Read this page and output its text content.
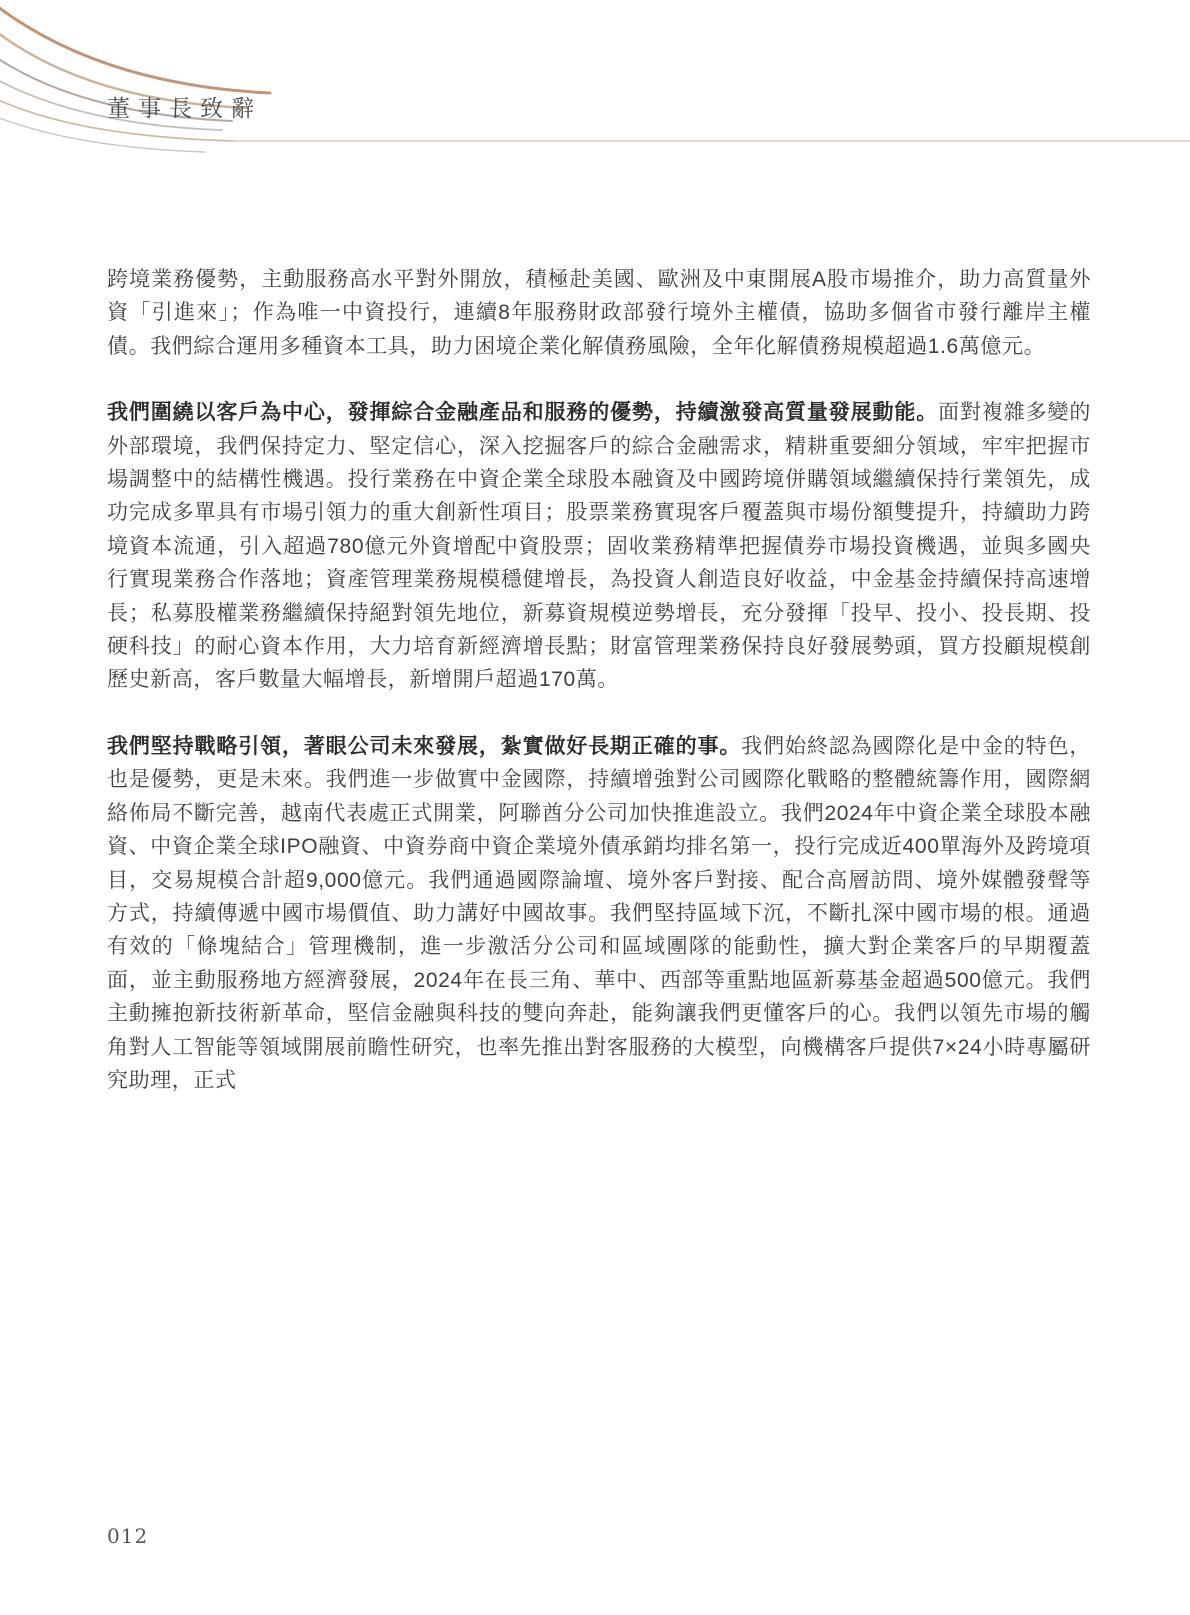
董事長致辭

跨境業務優勢，主動服務高水平對外開放，積極赴美國、歐洲及中東開展A股市場推介，助力高質量外資「引進來」；作為唯一中資投行，連續8年服務財政部發行境外主權債，協助多個省市發行離岸主權債。我們綜合運用多種資本工具，助力困境企業化解債務風險，全年化解債務規模超過1.6萬億元。

我們圍繞以客戶為中心，發揮綜合金融產品和服務的優勢，持續激發高質量發展動能。面對複雜多變的外部環境，我們保持定力、堅定信心，深入挖掘客戶的綜合金融需求，精耕重要細分領域，牢牢把握市場調整中的結構性機遇。投行業務在中資企業全球股本融資及中國跨境併購領域繼續保持行業領先，成功完成多單具有市場引領力的重大創新性項目；股票業務實現客戶覆蓋與市場份額雙提升，持續助力跨境資本流通，引入超過780億元外資增配中資股票；固收業務精準把握債券市場投資機遇，並與多國央行實現業務合作落地；資產管理業務規模穩健增長，為投資人創造良好收益，中金基金持續保持高速增長；私募股權業務繼續保持絕對領先地位，新募資規模逆勢增長，充分發揮「投早、投小、投長期、投硬科技」的耐心資本作用，大力培育新經濟增長點；財富管理業務保持良好發展勢頭，買方投顧規模創歷史新高，客戶數量大幅增長，新增開戶超過170萬。

我們堅持戰略引領，著眼公司未來發展，紮實做好長期正確的事。我們始終認為國際化是中金的特色，也是優勢，更是未來。我們進一步做實中金國際，持續增強對公司國際化戰略的整體統籌作用，國際網絡佈局不斷完善，越南代表處正式開業，阿聯酋分公司加快推進設立。我們2024年中資企業全球股本融資、中資企業全球IPO融資、中資券商中資企業境外債承銷均排名第一，投行完成近400單海外及跨境項目，交易規模合計超9,000億元。我們通過國際論壇、境外客戶對接、配合高層訪問、境外媒體發聲等方式，持續傳遞中國市場價值、助力講好中國故事。我們堅持區域下沉，不斷扎深中國市場的根。通過有效的「條塊結合」管理機制，進一步激活分公司和區域團隊的能動性，擴大對企業客戶的早期覆蓋面，並主動服務地方經濟發展，2024年在長三角、華中、西部等重點地區新募基金超過500億元。我們主動擁抱新技術新革命，堅信金融與科技的雙向奔赴，能夠讓我們更懂客戶的心。我們以領先市場的觸角對人工智能等領域開展前瞻性研究，也率先推出對客服務的大模型，向機構客戶提供7×24小時專屬研究助理，正式

012
